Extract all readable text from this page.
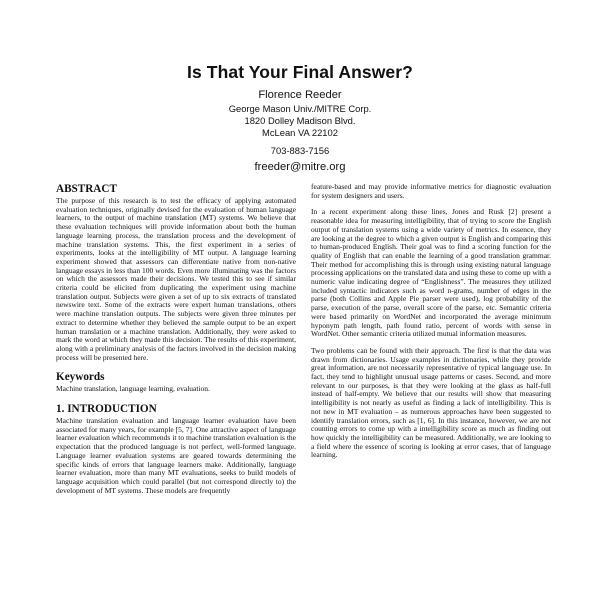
Is That Your Final Answer?
Florence Reeder
George Mason Univ./MITRE Corp.
1820 Dolley Madison Blvd.
McLean VA 22102
703-883-7156
freeder@mitre.org
ABSTRACT

The purpose of this research is to test the efficacy of applying automated evaluation techniques, originally devised for the evaluation of human language learners, to the output of machine translation (MT) systems. We believe that these evaluation techniques will provide information about both the human language learning process, the translation process and the development of machine translation systems. This, the first experiment in a series of experiments, looks at the intelligibility of MT output. A language learning experiment showed that assessors can differentiate native from non-native language essays in less than 100 words. Even more illuminating was the factors on which the assessors made their decisions. We tested this to see if similar criteria could be elicited from duplicating the experiment using machine translation output. Subjects were given a set of up to six extracts of translated newswire text. Some of the extracts were expert human translations, others were machine translation outputs. The subjects were given three minutes per extract to determine whether they believed the sample output to be an expert human translation or a machine translation. Additionally, they were asked to mark the word at which they made this decision. The results of this experiment, along with a preliminary analysis of the factors involved in the decision making process will be presented here.

Keywords

Machine translation, language learning, evaluation.

1. INTRODUCTION

Machine translation evaluation and language learner evaluation have been associated for many years, for example [5, 7]. One attractive aspect of language learner evaluation which recommends it to machine translation evaluation is the expectation that the produced language is not perfect, well-formed language. Language learner evaluation systems are geared towards determining the specific kinds of errors that language learners make. Additionally, language learner evaluation, more than many MT evaluations, seeks to build models of language acquisition which could parallel (but not correspond directly to) the development of MT systems. These models are frequently

feature-based and may provide informative metrics for diagnostic evaluation for system designers and users.

In a recent experiment along these lines, Jones and Rusk [2] present a reasonable idea for measuring intelligibility, that of trying to score the English output of translation systems using a wide variety of metrics. In essence, they are looking at the degree to which a given output is English and comparing this to human-produced English. Their goal was to find a scoring function for the quality of English that can enable the learning of a good translation grammar. Their method for accomplishing this is through using existing natural language processing applications on the translated data and using these to come up with a numeric value indicating degree of “Englishness”. The measures they utilized included syntactic indicators such as word n-grams, number of edges in the parse (both Collins and Apple Pie parser were used), log probability of the parse, execution of the parse, overall score of the parse, etc. Semantic criteria were based primarily on WordNet and incorporated the average minimum hyponym path length, path found ratio, percent of words with sense in WordNet. Other semantic criteria utilized mutual information measures.

Two problems can be found with their approach. The first is that the data was drawn from dictionaries. Usage examples in dictionaries, while they provide great information, are not necessarily representative of typical language use. In fact, they tend to highlight unusual usage patterns or cases. Second, and more relevant to our purposes, is that they were looking at the glass as half-full instead of half-empty. We believe that our results will show that measuring intelligibility is not nearly as useful as finding a lack of intelligibility. This is not new in MT evaluation – as numerous approaches have been suggested to identify translation errors, such as [1, 6]. In this instance, however, we are not counting errors to come up with a intelligibility score as much as finding out how quickly the intelligibility can be measured. Additionally, we are looking to a field where the essence of scoring is looking at error cases, that of language learning.
